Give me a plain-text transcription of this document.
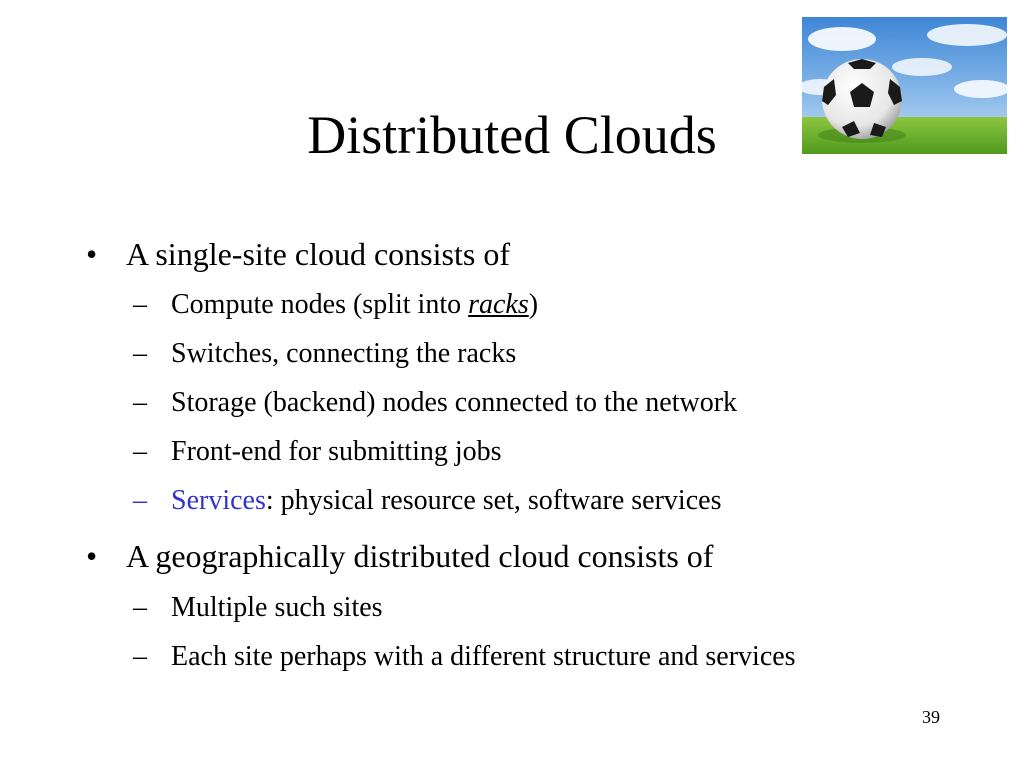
Distributed Clouds
• A single-site cloud consists of
– Compute nodes (split into racks)
– Switches, connecting the racks
– Storage (backend) nodes connected to the network
– Front-end for submitting jobs
– Services: physical resource set, software services
• A geographically distributed cloud consists of
– Multiple such sites
– Each site perhaps with a different structure and services
39
